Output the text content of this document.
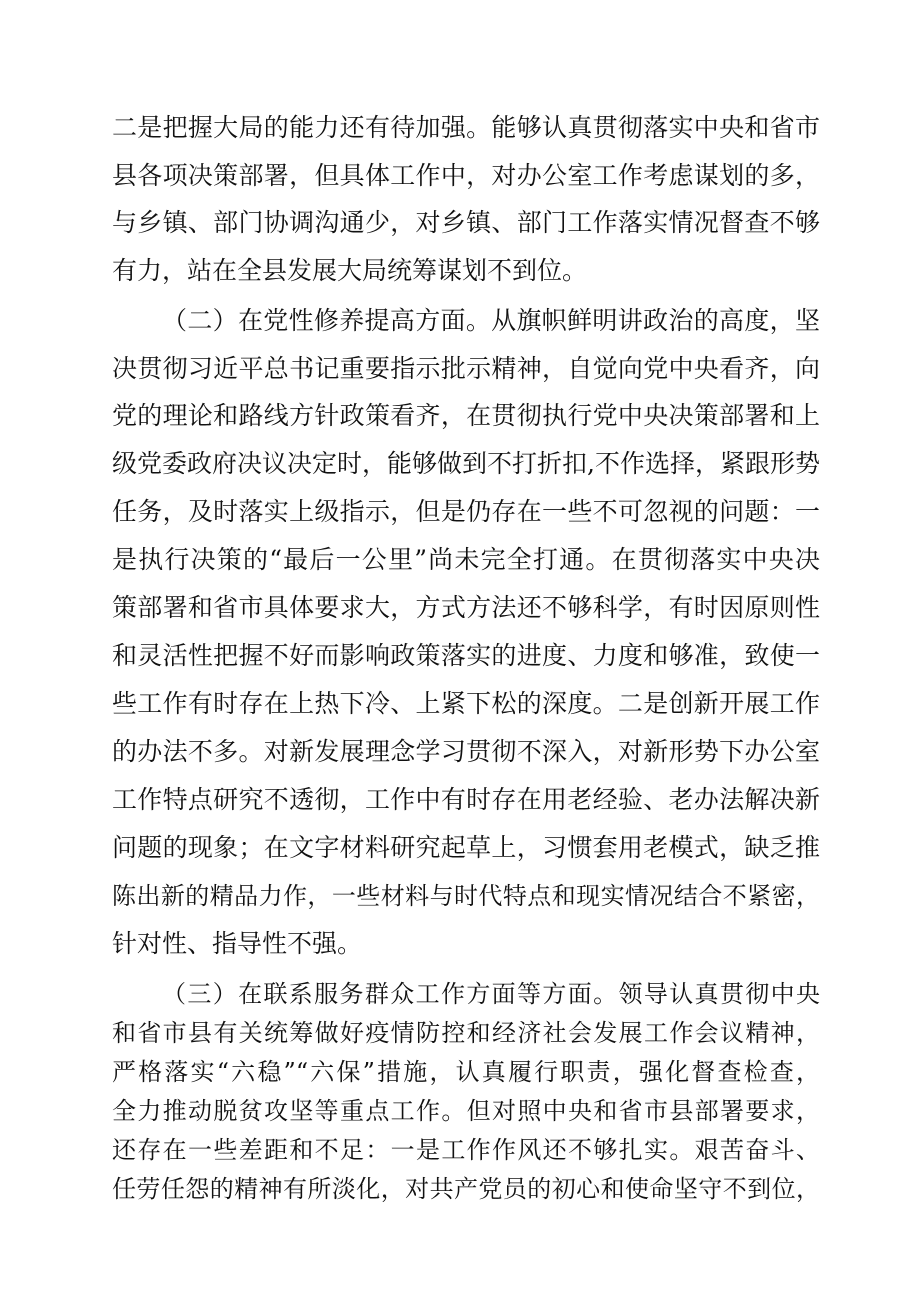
二是把握大局的能力还有待加强。能够认真贯彻落实中央和省市
县各项决策部署，但具体工作中，对办公室工作考虑谋划的多，
与乡镇、部门协调沟通少，对乡镇、部门工作落实情况督查不够
有力，站在全县发展大局统筹谋划不到位。
（二）在党性修养提高方面。从旗帜鲜明讲政治的高度，坚
决贯彻习近平总书记重要指示批示精神，自觉向党中央看齐，向
党的理论和路线方针政策看齐，在贯彻执行党中央决策部署和上
级党委政府决议决定时，能够做到不打折扣,不作选择，紧跟形势
任务，及时落实上级指示，但是仍存在一些不可忽视的问题：一
是执行决策的“最后一公里”尚未完全打通。在贯彻落实中央决
策部署和省市具体要求大，方式方法还不够科学，有时因原则性
和灵活性把握不好而影响政策落实的进度、力度和够准，致使一
些工作有时存在上热下冷、上紧下松的深度。二是创新开展工作
的办法不多。对新发展理念学习贯彻不深入，对新形势下办公室
工作特点研究不透彻，工作中有时存在用老经验、老办法解决新
问题的现象；在文字材料研究起草上，习惯套用老模式，缺乏推
陈出新的精品力作，一些材料与时代特点和现实情况结合不紧密，
针对性、指导性不强。
（三）在联系服务群众工作方面等方面。领导认真贯彻中央
和省市县有关统筹做好疫情防控和经济社会发展工作会议精神，
严格落实“六稳”“六保”措施，认真履行职责，强化督查检查，
全力推动脱贫攻坚等重点工作。但对照中央和省市县部署要求，
还存在一些差距和不足：一是工作作风还不够扎实。艰苦奋斗、
任劳任怨的精神有所淡化，对共产党员的初心和使命坚守不到位，
